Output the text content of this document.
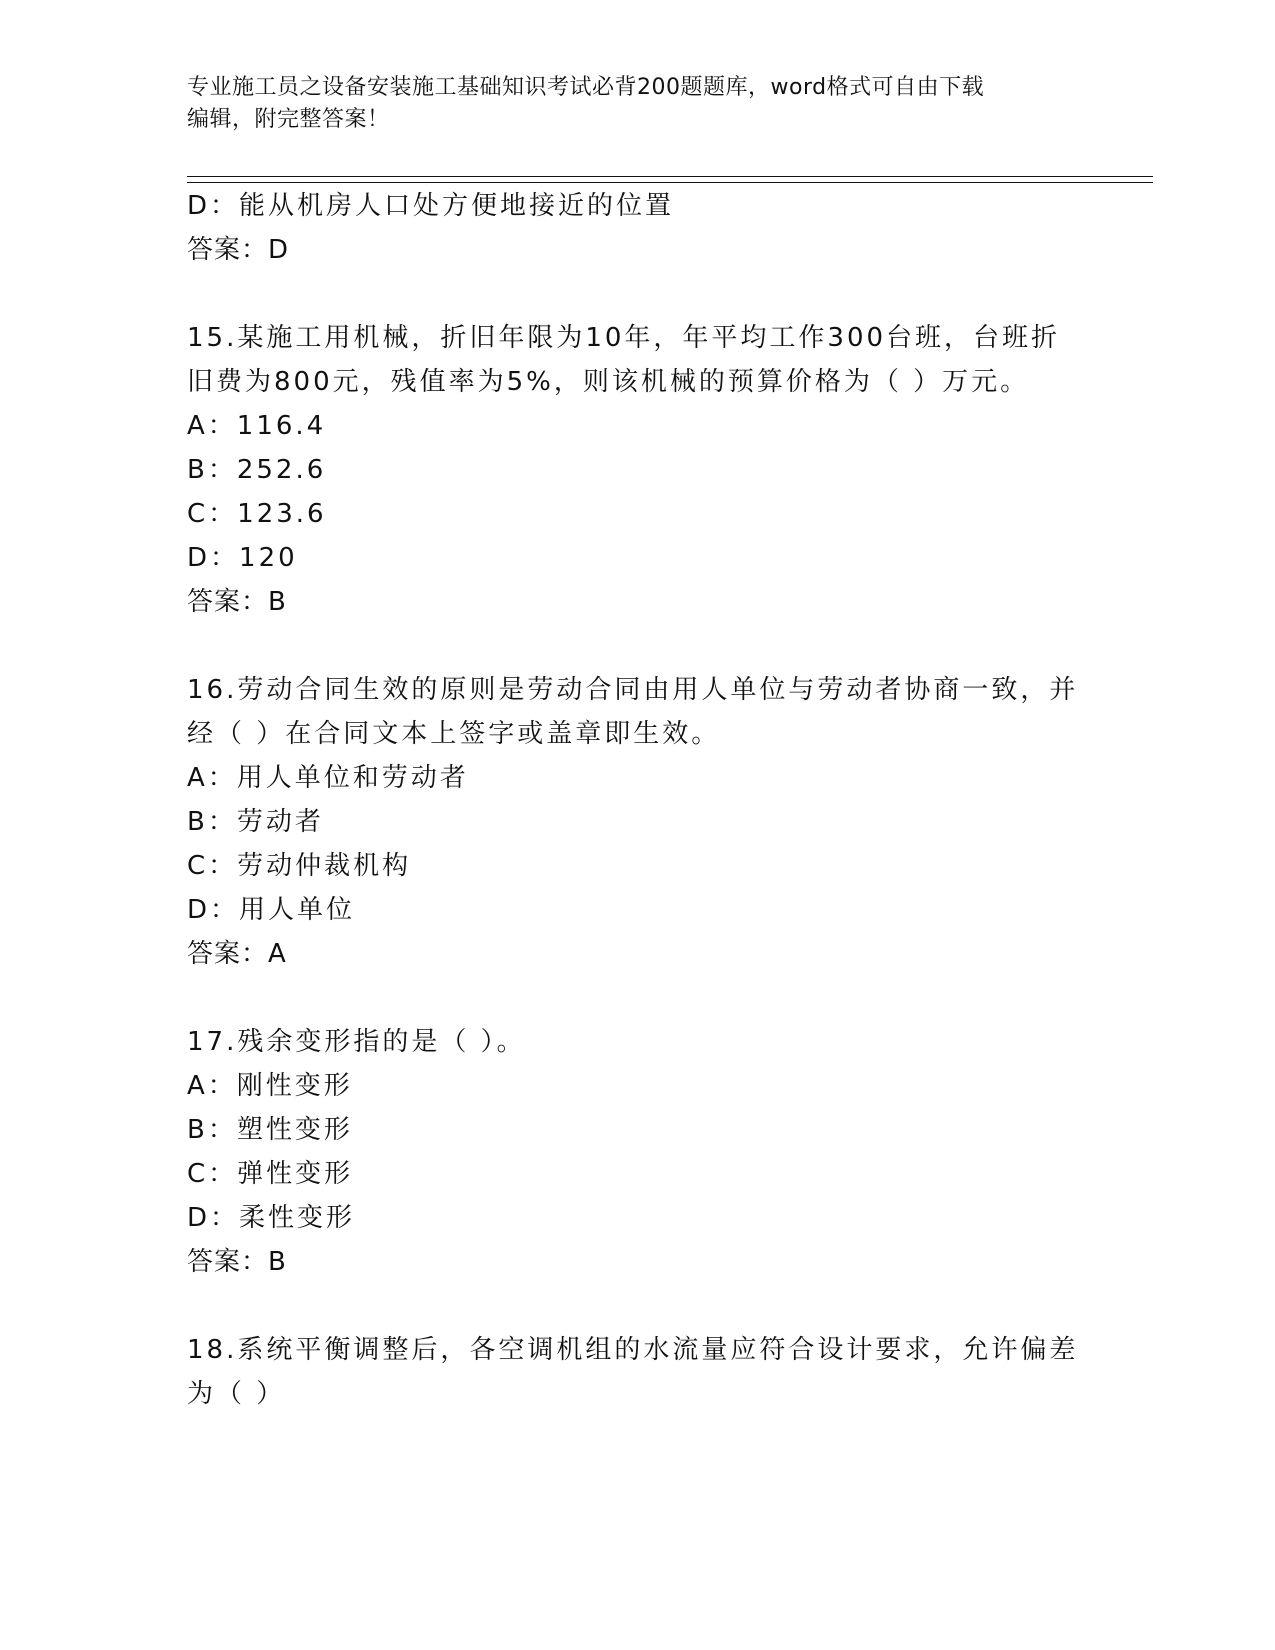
专业施工员之设备安装施工基础知识考试必背200题题库，word格式可自由下载
编辑，附完整答案！
D：能从机房人口处方便地接近的位置
答案：D
15.某施工用机械，折旧年限为10年，年平均工作300台班，台班折
旧费为800元，残值率为5%，则该机械的预算价格为（ ）万元。
A：116.4
B：252.6
C：123.6
D：120
答案：B
16.劳动合同生效的原则是劳动合同由用人单位与劳动者协商一致，并
经（ ）在合同文本上签字或盖章即生效。
A：用人单位和劳动者
B：劳动者
C：劳动仲裁机构
D：用人单位
答案：A
17.残余变形指的是（ ）。
A：刚性变形
B：塑性变形
C：弹性变形
D：柔性变形
答案：B
18.系统平衡调整后，各空调机组的水流量应符合设计要求，允许偏差
为（ ）
